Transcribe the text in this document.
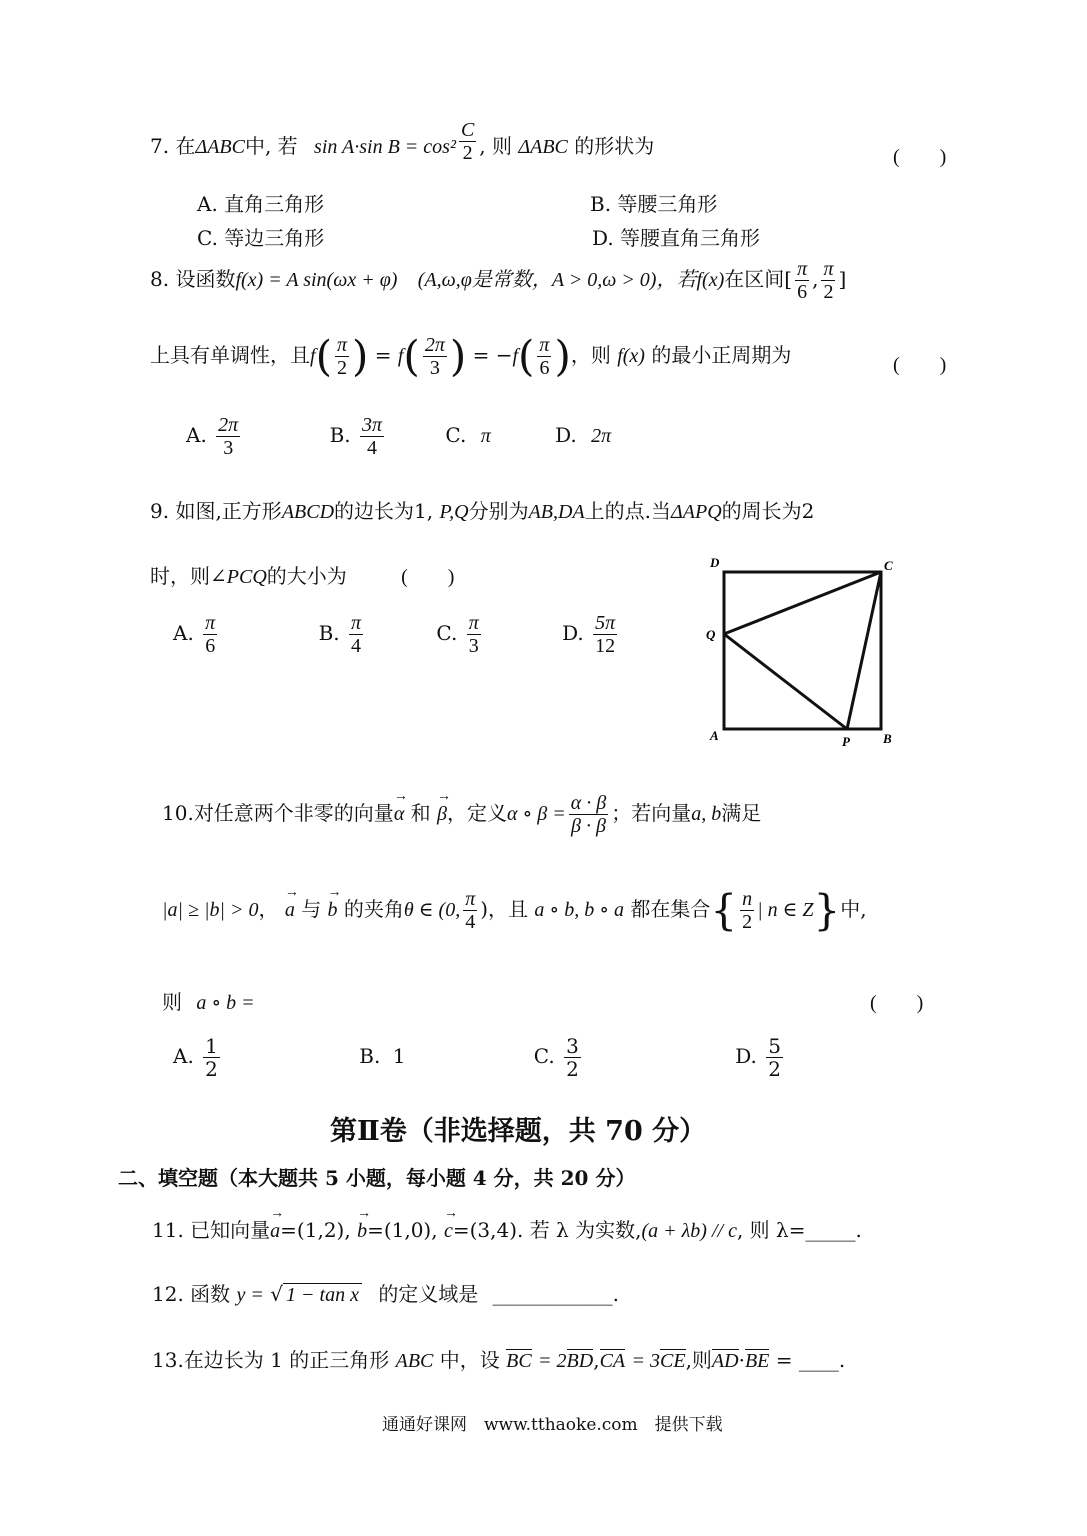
7. 在ΔABC中, 若 sin A·sin $B = \cos^2 \frac{C}{2}$ , 则 ΔABC 的形状为	(　　)
A. 直角三角形	B. 等腰三角形
C. 等边三角形	D. 等腰直角三角形
8. 设函数f(x) = A sin(ωx + φ) (A,ω,φ是常数，A > 0,ω > 0)，若f(x)在区间[ $\frac{\pi}{6}$ , $\frac{\pi}{2}$ ]
上具有单调性，且$f( \frac{\pi}{2}$ ) = $f( \frac{2\pi}{3}$ ) = $-f( \frac{\pi}{6}$ )，则 f(x) 的最小正周期为	(　　)
A. $\frac{2\pi}{3}$	B. $\frac{3\pi}{4}$	C. π	D. 2π
9. 如图,正方形ABCD的边长为1, P,Q分别为AB,DA上的点.当ΔAPQ的周长为2
时，则∠PCQ的大小为	(　　)
A. $\frac{\pi}{6}$	B. $\frac{\pi}{4}$	C. $\frac{\pi}{3}$	D. $\frac{5\pi}{12}$
D	C
Q
A	P	B
10.对任意两个非零的向量→ α 和 → β，定义α ∘ $\beta = \frac{\alpha \cdot \beta}{\beta \cdot \beta}$ ；若向量a, b满足
|a| ≥ |b| > 0， → a 与 → b 的夹角θ ∈ (0, $\frac{\pi}{4}$ )，且 a ∘ b, b ∘ a 都在集合{ $\frac{n}{2}$ | n ∈ Z}中,
则 a ∘ b =	(　　)
A. $\frac{1}{2}$	B. 1	C. $\frac{3}{2}$	D. $\frac{5}{2}$
第Ⅱ卷（非选择题，共 70 分）
二、填空题（本大题共 5 小题，每小题 4 分，共 20 分）
11. 已知向量→ a=(1,2), → b=(1,0), → c=(3,4). 若 λ 为实数,(a + λb) // c, 则 λ=_____.
12. 函数 y = √ 1 − tan x 的定义域是 ____________.
13.在边长为 1 的正三角形 ABC 中，设 BC = 2BD,CA = 3CE,则AD·BE = ____.
通通好课网　www.tthaoke.com　提供下载
